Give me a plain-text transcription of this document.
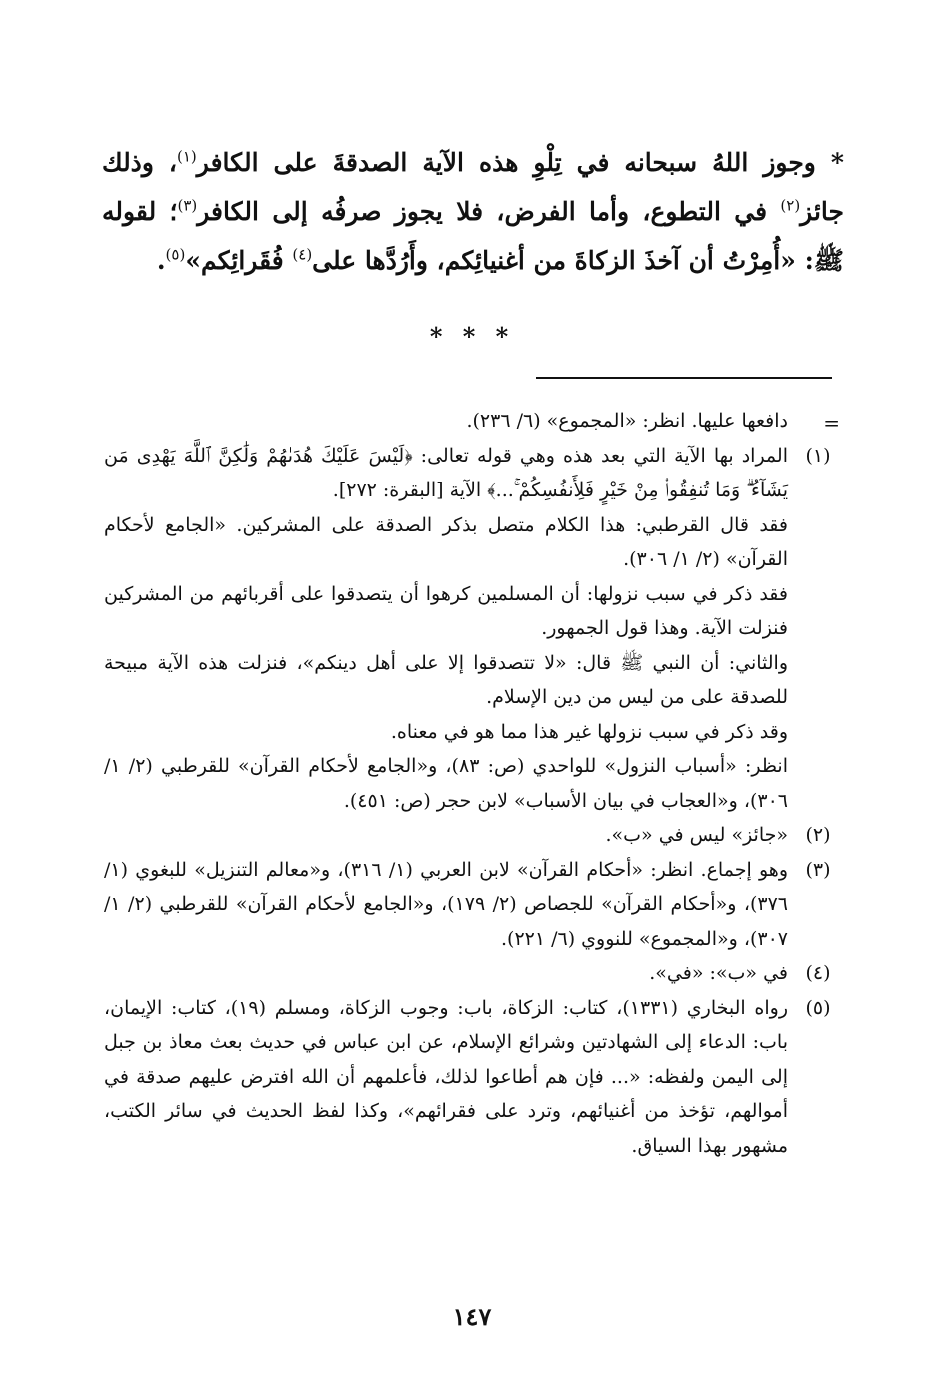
* وجوز اللهُ سبحانه في تِلْوِ هذه الآية الصدقةَ على الكافر$^{(١)}$، وذلك جائز$^{(٢)}$ في التطوع، وأما الفرض، فلا يجوز صرفُه إلى الكافر$^{(٣)}$؛ لقوله ﷺ: «أُمِرْتُ أن آخذَ الزكاةَ من أغنيائِكم، وأَرُدَّها على$^{(٤)}$ فُقَرائِكم»$^{(٥)}$.

* * *
=

دافعها عليها. انظر: «المجموع» (٦/ ٢٣٦).

(١)

المراد بها الآية التي بعد هذه وهي قوله تعالى: ﴿لَيْسَ عَلَيْكَ هُدَىٰهُمْ وَلَٰكِنَّ ٱللَّهَ يَهْدِى مَن يَشَآءُ ۗ وَمَا تُنفِقُوا۟ مِنْ خَيْرٍ فَلِأَنفُسِكُمْ ۚ...﴾ الآية [البقرة: ٢٧٢].

فقد قال القرطبي: هذا الكلام متصل بذكر الصدقة على المشركين. «الجامع لأحكام القرآن» (٢/ ١/ ٣٠٦).

فقد ذكر في سبب نزولها: أن المسلمين كرهوا أن يتصدقوا على أقربائهم من المشركين فنزلت الآية. وهذا قول الجمهور.

والثاني: أن النبي ﷺ قال: «لا تتصدقوا إلا على أهل دينكم»، فنزلت هذه الآية مبيحة للصدقة على من ليس من دين الإسلام.

وقد ذكر في سبب نزولها غير هذا مما هو في معناه.

انظر: «أسباب النزول» للواحدي (ص: ٨٣)، و«الجامع لأحكام القرآن» للقرطبي (٢/ ١/ ٣٠٦)، و«العجاب في بيان الأسباب» لابن حجر (ص: ٤٥١).

(٢)

«جائز» ليس في «ب».

(٣)

وهو إجماع. انظر: «أحكام القرآن» لابن العربي (١/ ٣١٦)، و«معالم التنزيل» للبغوي (١/ ٣٧٦)، و«أحكام القرآن» للجصاص (٢/ ١٧٩)، و«الجامع لأحكام القرآن» للقرطبي (٢/ ١/ ٣٠٧)، و«المجموع» للنووي (٦/ ٢٢١).

(٤)

في «ب»: «في».

(٥)

رواه البخاري (١٣٣١)، كتاب: الزكاة، باب: وجوب الزكاة، ومسلم (١٩)، كتاب: الإيمان، باب: الدعاء إلى الشهادتين وشرائع الإسلام، عن ابن عباس في حديث بعث معاذ بن جبل إلى اليمن ولفظه: «... فإن هم أطاعوا لذلك، فأعلمهم أن الله افترض عليهم صدقة في أموالهم، تؤخذ من أغنيائهم، وترد على فقرائهم»، وكذا لفظ الحديث في سائر الكتب، مشهور بهذا السياق.

١٤٧
